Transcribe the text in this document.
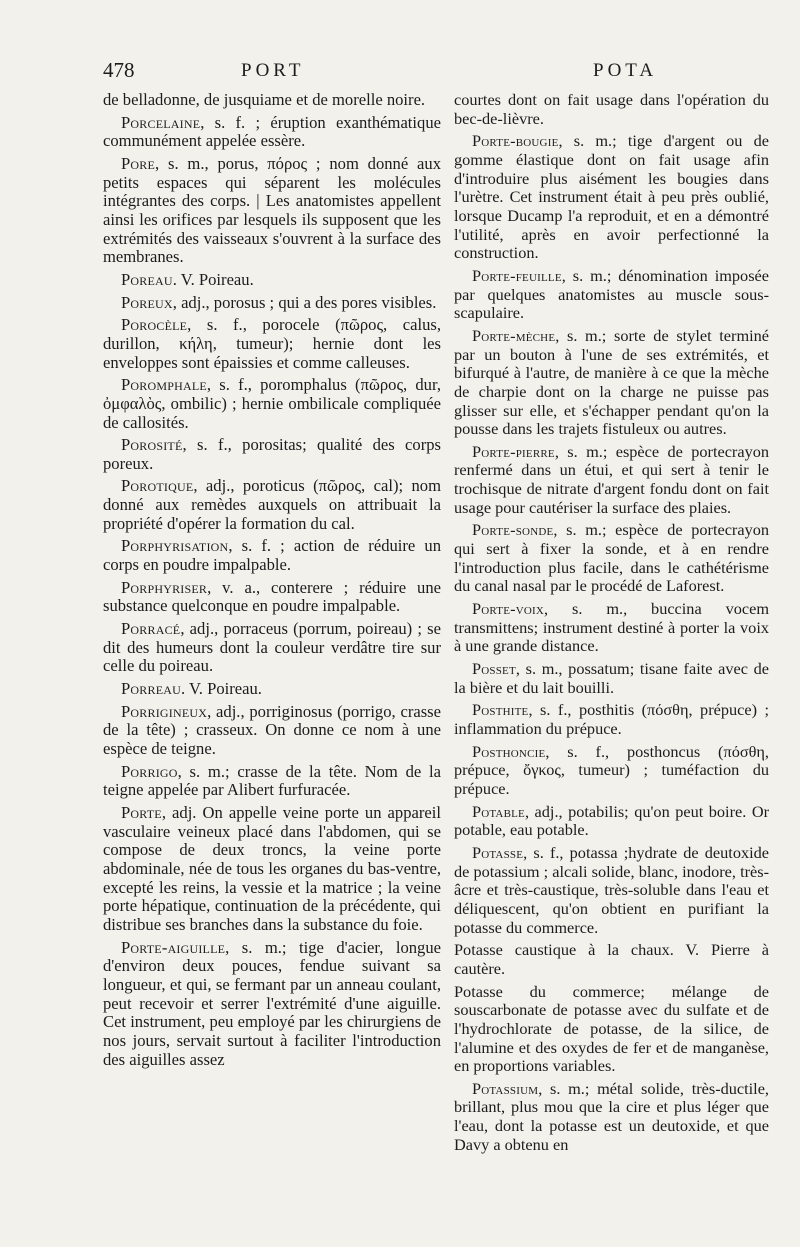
478	PORT	POTA

de belladonne, de jusquiame et de morelle noire.

Porcelaine, s. f. ; éruption exanthématique communément appelée essère.

Pore, s. m., porus, πόρος ; nom donné aux petits espaces qui séparent les molécules intégrantes des corps. | Les anatomistes appellent ainsi les orifices par lesquels ils supposent que les extrémités des vaisseaux s'ouvrent à la surface des membranes.

Poreau. V. Poireau.

Poreux, adj., porosus ; qui a des pores visibles.

Porocèle, s. f., porocele (πῶρος, calus, durillon, κήλη, tumeur); hernie dont les enveloppes sont épaissies et comme calleuses.

Poromphale, s. f., poromphalus (πῶρος, dur, ὀμφαλὸς, ombilic) ; hernie ombilicale compliquée de callosités.

Porosité, s. f., porositas; qualité des corps poreux.

Porotique, adj., poroticus (πῶρος, cal); nom donné aux remèdes auxquels on attribuait la propriété d'opérer la formation du cal.

Porphyrisation, s. f. ; action de réduire un corps en poudre impalpable.

Porphyriser, v. a., conterere ; réduire une substance quelconque en poudre impalpable.

Porracé, adj., porraceus (porrum, poireau) ; se dit des humeurs dont la couleur verdâtre tire sur celle du poireau.

Porreau. V. Poireau.

Porrigineux, adj., porriginosus (porrigo, crasse de la tête) ; crasseux. On donne ce nom à une espèce de teigne.

Porrigo, s. m.; crasse de la tête. Nom de la teigne appelée par Alibert furfuracée.

Porte, adj. On appelle veine porte un appareil vasculaire veineux placé dans l'abdomen, qui se compose de deux troncs, la veine porte abdominale, née de tous les organes du bas-ventre, excepté les reins, la vessie et la matrice ; la veine porte hépatique, continuation de la précédente, qui distribue ses branches dans la substance du foie.

Porte-aiguille, s. m.; tige d'acier, longue d'environ deux pouces, fendue suivant sa longueur, et qui, se fermant par un anneau coulant, peut recevoir et serrer l'extrémité d'une aiguille. Cet instrument, peu employé par les chirurgiens de nos jours, servait surtout à faciliter l'introduction des aiguilles assez

courtes dont on fait usage dans l'opération du bec-de-lièvre.

Porte-bougie, s. m.; tige d'argent ou de gomme élastique dont on fait usage afin d'introduire plus aisément les bougies dans l'urètre. Cet instrument était à peu près oublié, lorsque Ducamp l'a reproduit, et en a démontré l'utilité, après en avoir perfectionné la construction.

Porte-feuille, s. m.; dénomination imposée par quelques anatomistes au muscle sous-scapulaire.

Porte-mèche, s. m.; sorte de stylet terminé par un bouton à l'une de ses extrémités, et bifurqué à l'autre, de manière à ce que la mèche de charpie dont on la charge ne puisse pas glisser sur elle, et s'échapper pendant qu'on la pousse dans les trajets fistuleux ou autres.

Porte-pierre, s. m.; espèce de portecrayon renfermé dans un étui, et qui sert à tenir le trochisque de nitrate d'argent fondu dont on fait usage pour cautériser la surface des plaies.

Porte-sonde, s. m.; espèce de portecrayon qui sert à fixer la sonde, et à en rendre l'introduction plus facile, dans le cathétérisme du canal nasal par le procédé de Laforest.

Porte-voix, s. m., buccina vocem transmittens; instrument destiné à porter la voix à une grande distance.

Posset, s. m., possatum; tisane faite avec de la bière et du lait bouilli.

Posthite, s. f., posthitis (πόσθη, prépuce) ; inflammation du prépuce.

Posthoncie, s. f., posthoncus (πόσθη, prépuce, ὄγκος, tumeur) ; tuméfaction du prépuce.

Potable, adj., potabilis; qu'on peut boire. Or potable, eau potable.

Potasse, s. f., potassa ;hydrate de deutoxide de potassium ; alcali solide, blanc, inodore, très-âcre et très-caustique, très-soluble dans l'eau et déliquescent, qu'on obtient en purifiant la potasse du commerce.

Potasse caustique à la chaux. V. Pierre à cautère.

Potasse du commerce; mélange de souscarbonate de potasse avec du sulfate et de l'hydrochlorate de potasse, de la silice, de l'alumine et des oxydes de fer et de manganèse, en proportions variables.

Potassium, s. m.; métal solide, très-ductile, brillant, plus mou que la cire et plus léger que l'eau, dont la potasse est un deutoxide, et que Davy a obtenu en
